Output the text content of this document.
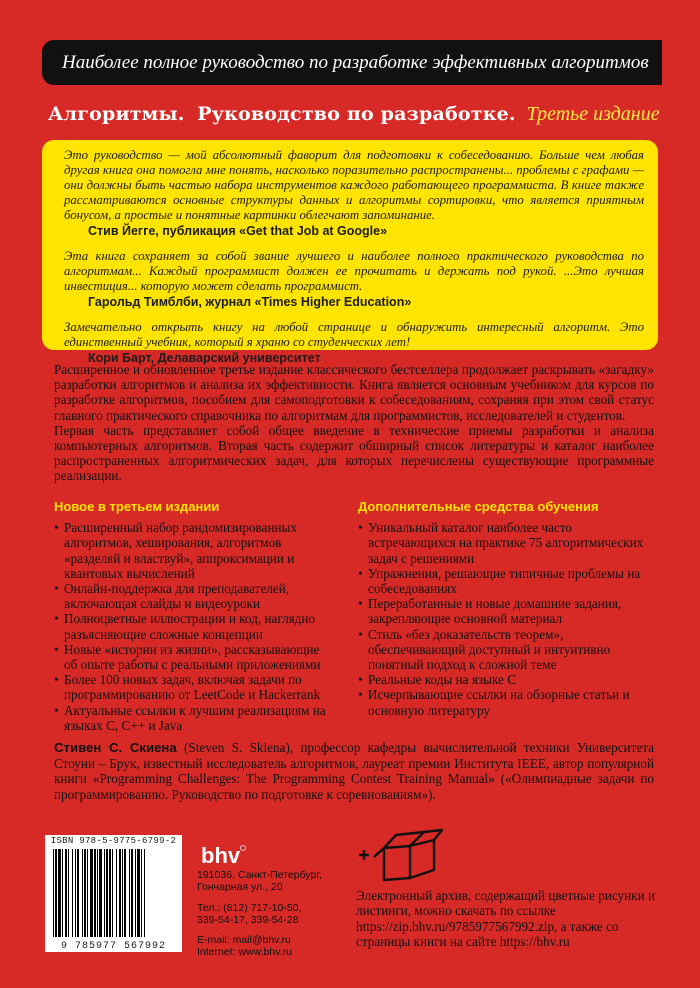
Наиболее полное руководство по разработке эффективных алгоритмов
Алгоритмы. Руководство по разработке. Третье издание

Это руководство — мой абсолютный фаворит для подготовки к собеседованию. Больше чем любая другая книга она помогла мне понять, насколько поразительно распространены... проблемы с графами — они должны быть частью набора инструментов каждого работающего программиста. В книге также рассматриваются основные структуры данных и алгоритмы сортировки, что является приятным бонусом, а простые и понятные картинки облегчают запоминание.

Стив Йегге, публикация «Get that Job at Google»

Эта книга сохраняет за собой звание лучшего и наиболее полного практического руководства по алгоритмам... Каждый программист должен ее прочитать и держать под рукой. ...Это лучшая инвестиция... которую может сделать программист.

Гарольд Тимблби, журнал «Times Higher Education»

Замечательно открыть книгу на любой странице и обнаружить интересный алгоритм. Это единственный учебник, который я храню со студенческих лет!

Кори Барт, Делаварский университет

Расширенное и обновленное третье издание классического бестселлера продолжает раскрывать «загадку» разработки алгоритмов и анализа их эффективности. Книга является основным учебником для курсов по разработке алгоритмов, пособием для самоподготовки к собеседованиям, сохраняя при этом свой статус главного практического справочника по алгоритмам для программистов, исследователей и студентов.

Первая часть представляет собой общее введение в технические приемы разработки и анализа компьютерных алгоритмов. Вторая часть содержит обширный список литературы и каталог наиболее распространенных алгоритмических задач, для которых перечислены существующие программные реализации.

Новое в третьем издании
• Расширенный набор рандомизированных алгоритмов, хеширования, алгоритмов «разделяй и властвуй», аппроксимации и квантовых вычислений
• Онлайн-поддержка для преподавателей, включающая слайды и видеоуроки
• Полноцветные иллюстрации и код, наглядно разъясняющие сложные концепции
• Новые «истории из жизни», рассказывающие об опыте работы с реальными приложениями
• Более 100 новых задач, включая задачи по программированию от LeetCode и Hackerrank
• Актуальные ссылки к лучшим реализациям на языках C, C++ и Java
Дополнительные средства обучения
• Уникальный каталог наиболее часто встречающихся на практике 75 алгоритмических задач с решениями
• Упражнения, решающие типичные проблемы на собеседованиях
• Переработанные и новые домашние задания, закрепляющие основной материал
• Стиль «без доказательств теорем», обеспечивающий доступный и интуитивно понятный подход к сложной теме
• Реальные коды на языке C
• Исчерпывающие ссылки на обзорные статьи и основную литературу
Стивен С. Скиена (Steven S. Skiena), профессор кафедры вычислительной техники Университета Стоуни – Брук, известный исследователь алгоритмов, лауреат премии Института IEEE, автор популярной книги «Programming Challenges: The Programming Contest Training Manual» («Олимпиадные задачи по программированию. Руководство по подготовке к соревнованиям»).
ISBN 978-5-9775-6799-2
9 785977 567992
bhv
191036, Санкт-Петербург,
Гончарная ул., 20
Тел.: (812) 717-10-50,
339-54-17, 339-54-28
E-mail: mail@bhv.ru
Internet: www.bhv.ru
Электронный архив, содержащий цветные рисунки и листинги, можно скачать по ссылке https://zip.bhv.ru/9785977567992.zip, а также со страницы книги на сайте https://bhv.ru
